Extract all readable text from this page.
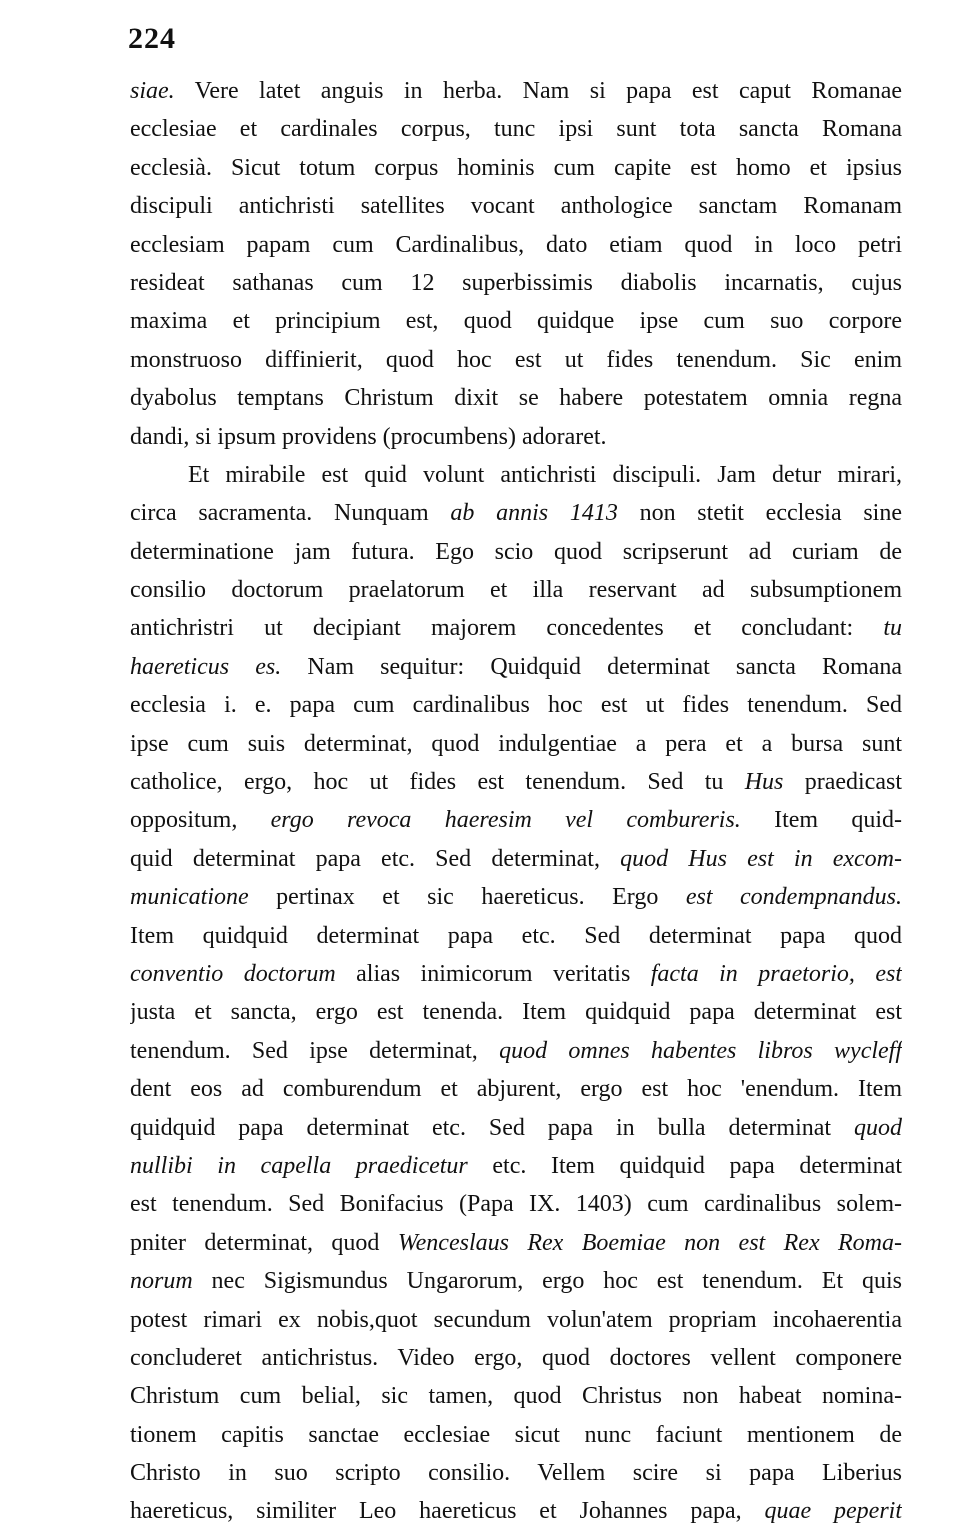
224
siae. Vere latet anguis in herba. Nam si papa est caput Romanae
ecclesiae et cardinales corpus, tunc ipsi sunt tota sancta Romana
ecclesià. Sicut totum corpus hominis cum capite est homo et ipsius
discipuli antichristi satellites vocant anthologice sanctam Romanam
ecclesiam papam cum Cardinalibus, dato etiam quod in loco petri
resideat sathanas cum 12 superbissimis diabolis incarnatis, cujus
maxima et principium est, quod quidque ipse cum suo corpore
monstruoso diffinierit, quod hoc est ut fides tenendum. Sic enim
dyabolus temptans Christum dixit se habere potestatem omnia regna
dandi, si ipsum providens (procumbens) adoraret.
Et mirabile est quid volunt antichristi discipuli. Jam detur mirari,
circa sacramenta. Nunquam ab annis 1413 non stetit ecclesia sine
determinatione jam futura. Ego scio quod scripserunt ad curiam de
consilio doctorum praelatorum et illa reservant ad subsumptionem
antichristri ut decipiant majorem concedentes et concludant: tu
haereticus es. Nam sequitur: Quidquid determinat sancta Romana
ecclesia i. e. papa cum cardinalibus hoc est ut fides tenendum. Sed
ipse cum suis determinat, quod indulgentiae a pera et a bursa sunt
catholice, ergo, hoc ut fides est tenendum. Sed tu Hus praedicast
oppositum, ergo revoca haeresim vel combureris. Item quid-
quid determinat papa etc. Sed determinat, quod Hus est in excom-
municatione pertinax et sic haereticus. Ergo est condempnandus.
Item quidquid determinat papa etc. Sed determinat papa quod
conventio doctorum alias inimicorum veritatis facta in praetorio, est
justa et sancta, ergo est tenenda. Item quidquid papa determinat est
tenendum. Sed ipse determinat, quod omnes habentes libros wycleff
dent eos ad comburendum et abjurent, ergo est hoc 'enendum. Item
quidquid papa determinat etc. Sed papa in bulla determinat quod
nullibi in capella praedicetur etc. Item quidquid papa determinat
est tenendum. Sed Bonifacius (Papa IX. 1403) cum cardinalibus solem-
pniter determinat, quod Wenceslaus Rex Boemiae non est Rex Roma-
norum nec Sigismundus Ungarorum, ergo hoc est tenendum. Et quis
potest rimari ex nobis,quot secundum volun'atem propriam incohaerentia
concluderet antichristus. Video ergo, quod doctores vellent componere
Christum cum belial, sic tamen, quod Christus non habeat nomina-
tionem capitis sanctae ecclesiae sicut nunc faciunt mentionem de
Christo in suo scripto consilio. Vellem scire si papa Liberius
haereticus, similiter Leo haereticus et Johannes papa, quae peperit
